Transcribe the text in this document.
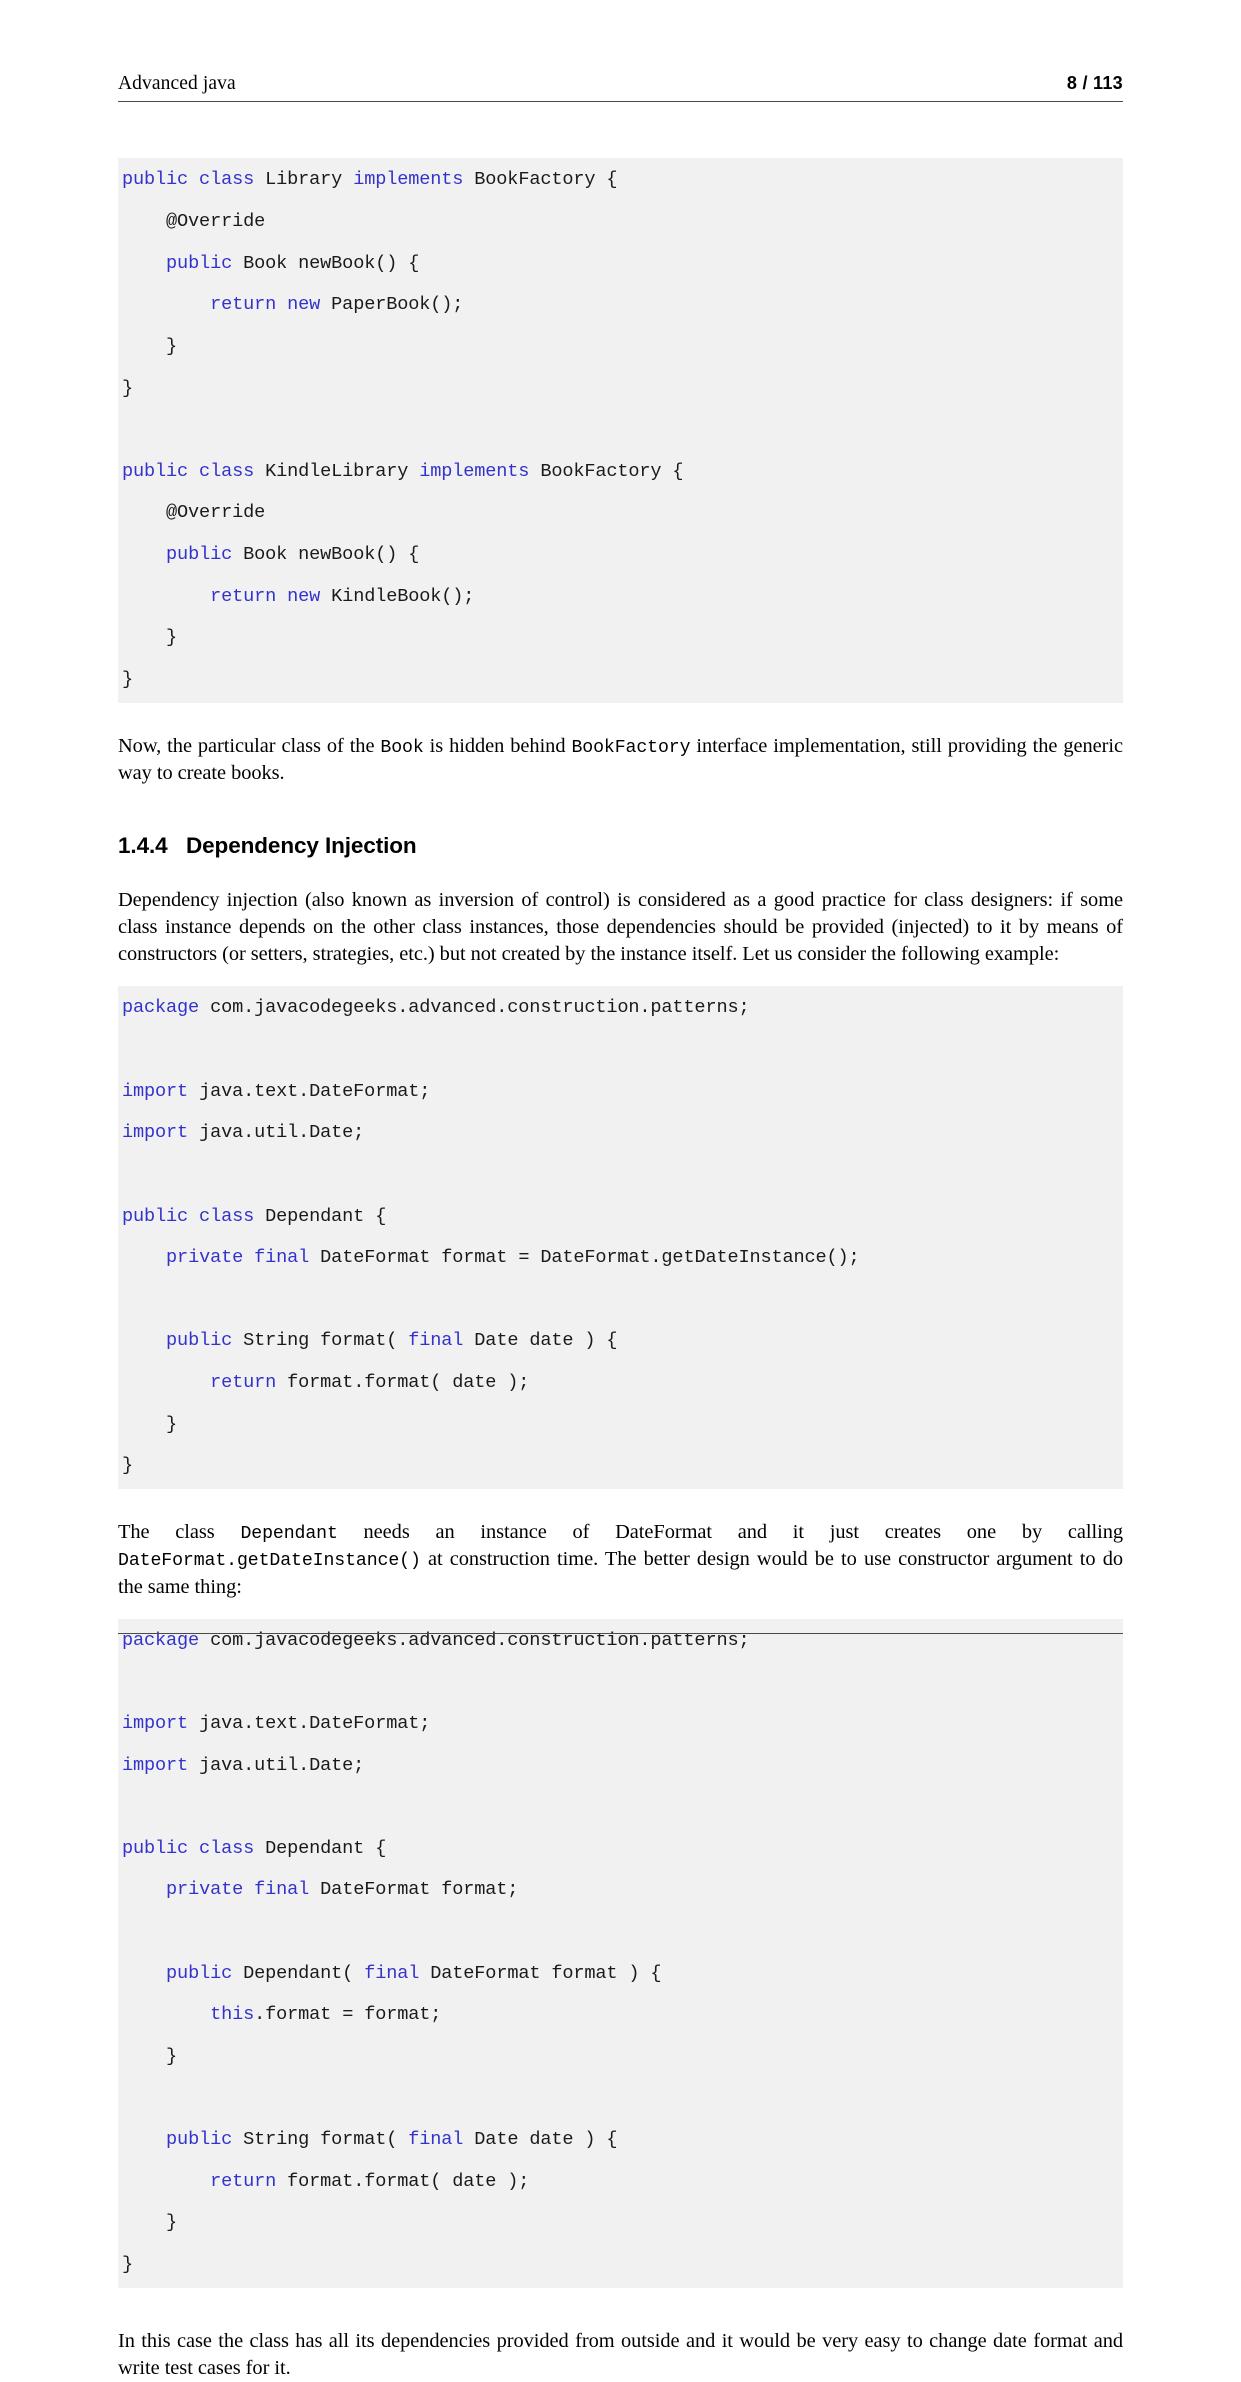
Advanced java	8 / 113
public class Library implements BookFactory {

@Override

public Book newBook() {

return new PaperBook();

}

}

public class KindleLibrary implements BookFactory {

@Override

public Book newBook() {

return new KindleBook();

}

}

Now, the particular class of the Book is hidden behind BookFactory interface implementation, still providing the generic way to create books.

1.4.4 Dependency Injection

Dependency injection (also known as inversion of control) is considered as a good practice for class designers: if some class instance depends on the other class instances, those dependencies should be provided (injected) to it by means of constructors (or setters, strategies, etc.) but not created by the instance itself. Let us consider the following example:

package com.javacodegeeks.advanced.construction.patterns;

import java.text.DateFormat;

import java.util.Date;

public class Dependant {

private final DateFormat format = DateFormat.getDateInstance();

public String format( final Date date ) {

return format.format( date );

}

}

The class Dependant needs an instance of DateFormat and it just creates one by calling DateFormat.getDateInstance() at construction time. The better design would be to use constructor argument to do the same thing:

package com.javacodegeeks.advanced.construction.patterns;

import java.text.DateFormat;

import java.util.Date;

public class Dependant {

private final DateFormat format;

public Dependant( final DateFormat format ) {

this.format = format;

}

public String format( final Date date ) {

return format.format( date );

}

}

In this case the class has all its dependencies provided from outside and it would be very easy to change date format and write test cases for it.
